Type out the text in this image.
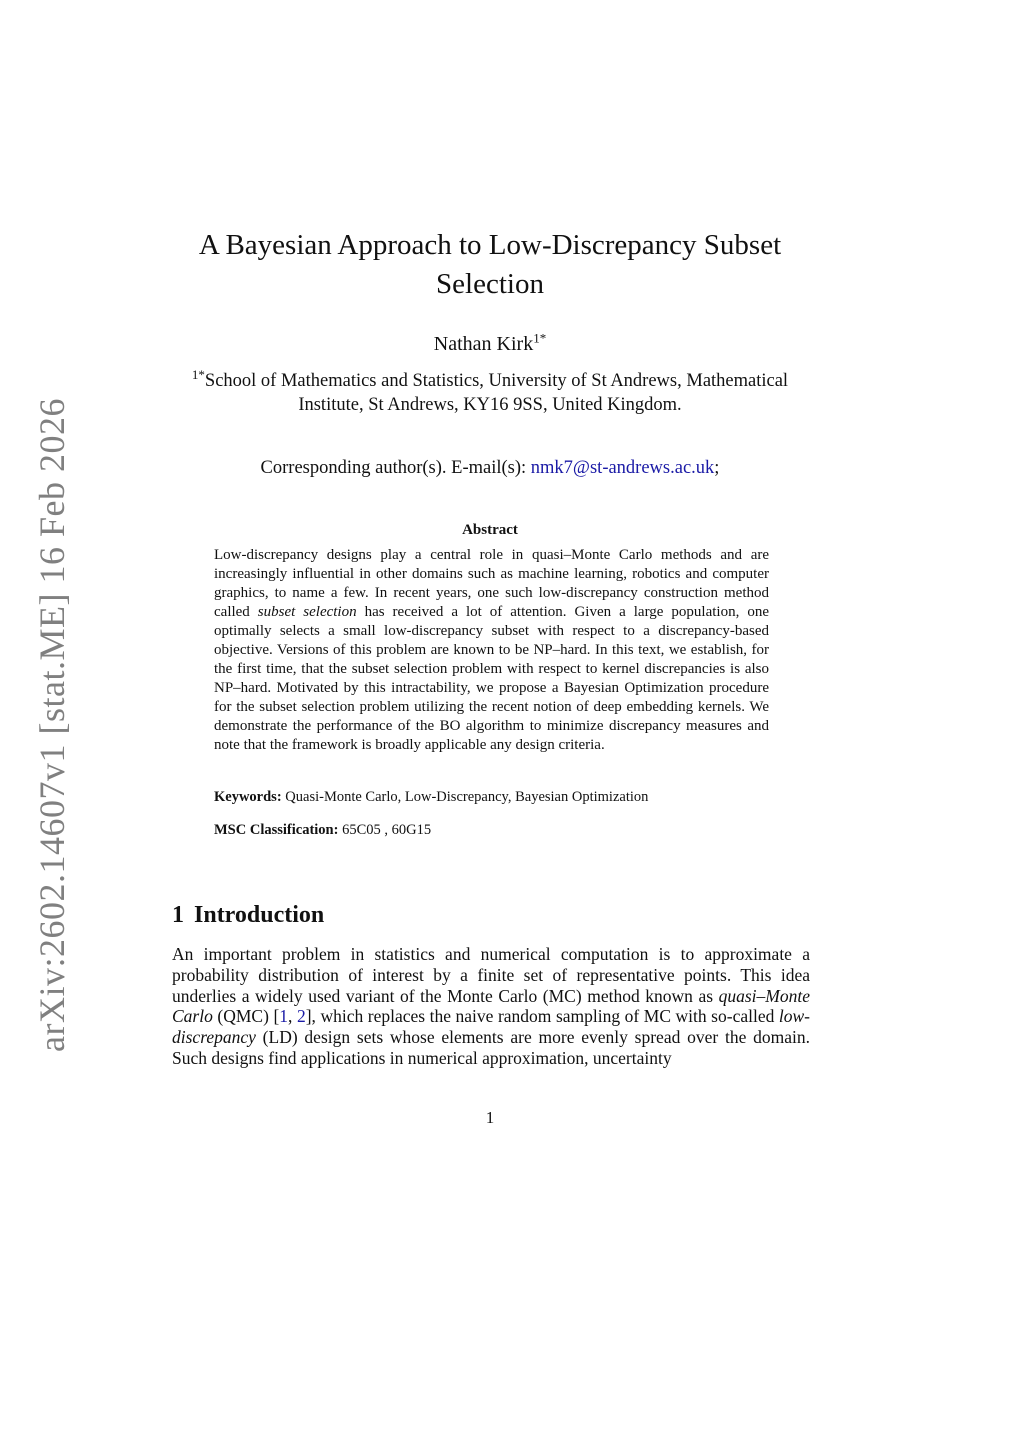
arXiv:2602.14607v1 [stat.ME] 16 Feb 2026
A Bayesian Approach to Low-Discrepancy Subset Selection
Nathan Kirk$^{1*}$
$^{1*}$School of Mathematics and Statistics, University of St Andrews, Mathematical Institute, St Andrews, KY16 9SS, United Kingdom.
Corresponding author(s). E-mail(s): nmk7@st-andrews.ac.uk;
Abstract
Low-discrepancy designs play a central role in quasi–Monte Carlo methods and are increasingly influential in other domains such as machine learning, robotics and computer graphics, to name a few. In recent years, one such low-discrepancy construction method called subset selection has received a lot of attention. Given a large population, one optimally selects a small low-discrepancy subset with respect to a discrepancy-based objective. Versions of this problem are known to be NP–hard. In this text, we establish, for the first time, that the subset selection problem with respect to kernel discrepancies is also NP–hard. Motivated by this intractability, we propose a Bayesian Optimization procedure for the subset selection problem utilizing the recent notion of deep embedding kernels. We demonstrate the performance of the BO algorithm to minimize discrepancy measures and note that the framework is broadly applicable any design criteria.
Keywords: Quasi-Monte Carlo, Low-Discrepancy, Bayesian Optimization
MSC Classification: 65C05 , 60G15
1 Introduction
An important problem in statistics and numerical computation is to approximate a probability distribution of interest by a finite set of representative points. This idea underlies a widely used variant of the Monte Carlo (MC) method known as quasi–Monte Carlo (QMC) [1, 2], which replaces the naive random sampling of MC with so-called low-discrepancy (LD) design sets whose elements are more evenly spread over the domain. Such designs find applications in numerical approximation, uncertainty
1
